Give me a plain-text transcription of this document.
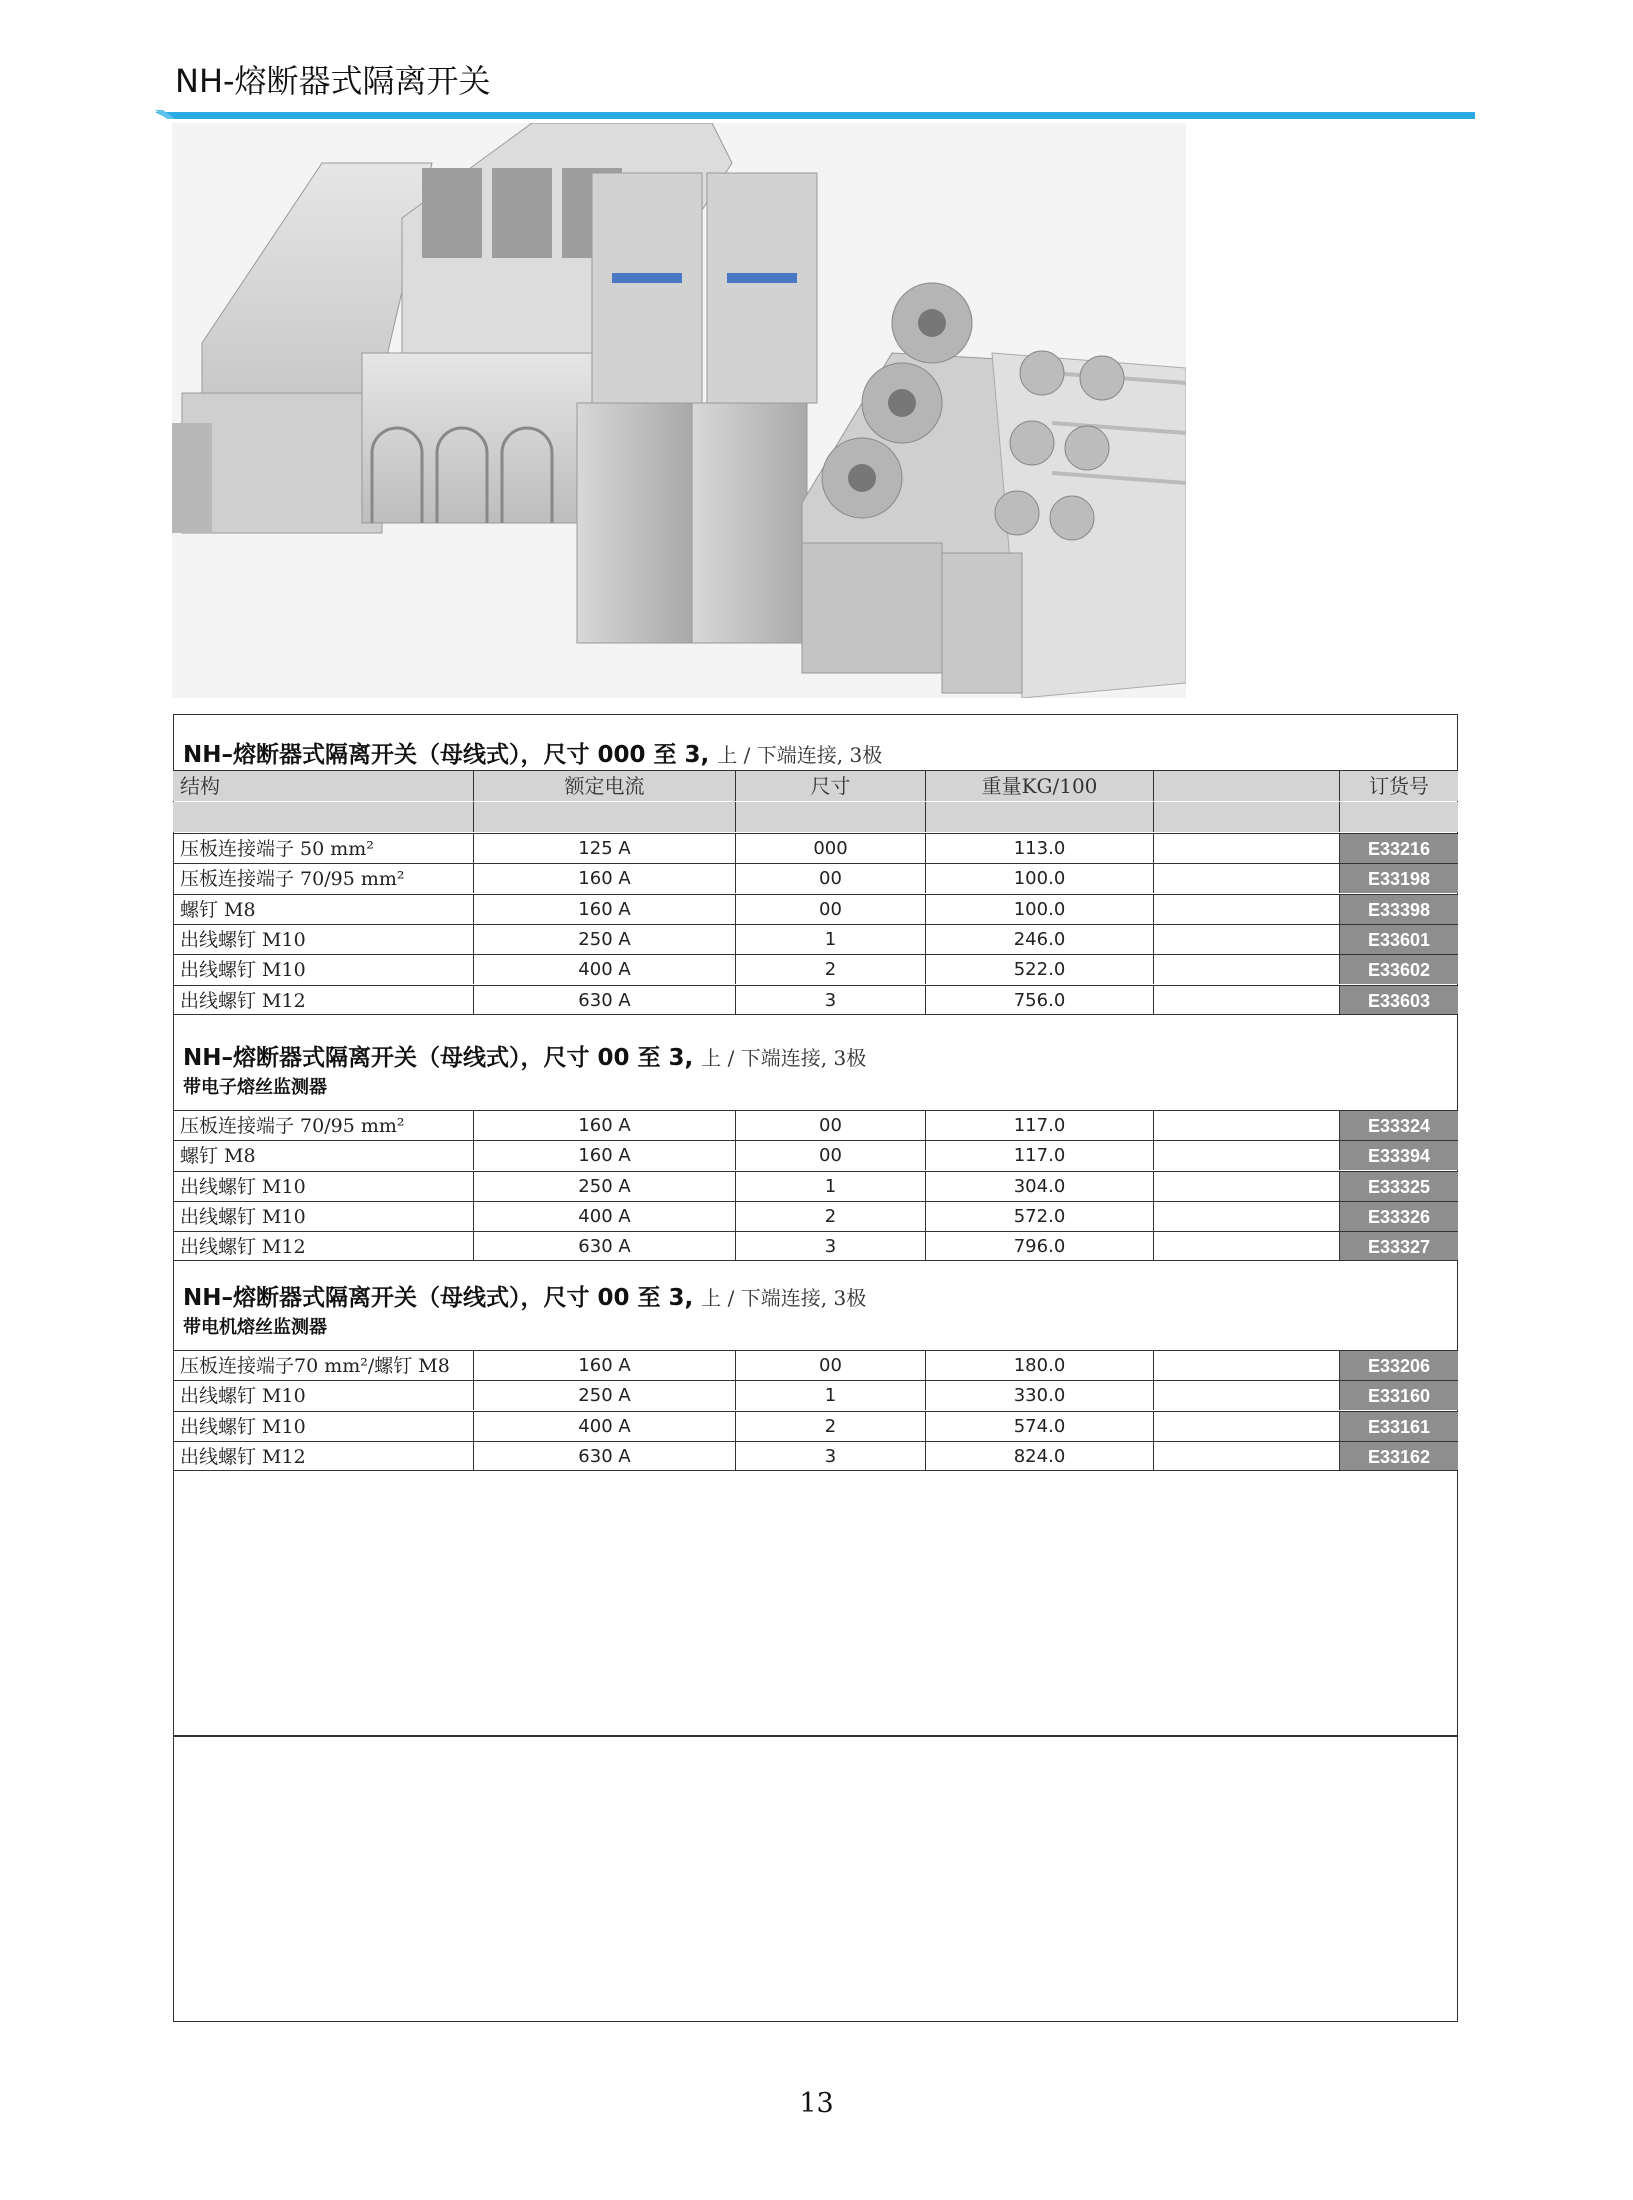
NH-熔断器式隔离开关
NH–熔断器式隔离开关（母线式），尺寸 000 至 3, 上 / 下端连接, 3极
结构	额定电流	尺寸	重量KG/100	订货号
压板连接端子 50 mm²	125 A	000	113.0	E33216
压板连接端子 70/95 mm²	160 A	00	100.0	E33198
螺钉 M8	160 A	00	100.0	E33398
出线螺钉 M10	250 A	1	246.0	E33601
出线螺钉 M10	400 A	2	522.0	E33602
出线螺钉 M12	630 A	3	756.0	E33603
NH–熔断器式隔离开关（母线式），尺寸 00 至 3, 上 / 下端连接, 3极
带电子熔丝监测器
压板连接端子 70/95 mm²	160 A	00	117.0	E33324
螺钉 M8	160 A	00	117.0	E33394
出线螺钉 M10	250 A	1	304.0	E33325
出线螺钉 M10	400 A	2	572.0	E33326
出线螺钉 M12	630 A	3	796.0	E33327
NH–熔断器式隔离开关（母线式），尺寸 00 至 3, 上 / 下端连接, 3极
带电机熔丝监测器
压板连接端子70 mm²/螺钉 M8	160 A	00	180.0	E33206
出线螺钉 M10	250 A	1	330.0	E33160
出线螺钉 M10	400 A	2	574.0	E33161
出线螺钉 M12	630 A	3	824.0	E33162
13
